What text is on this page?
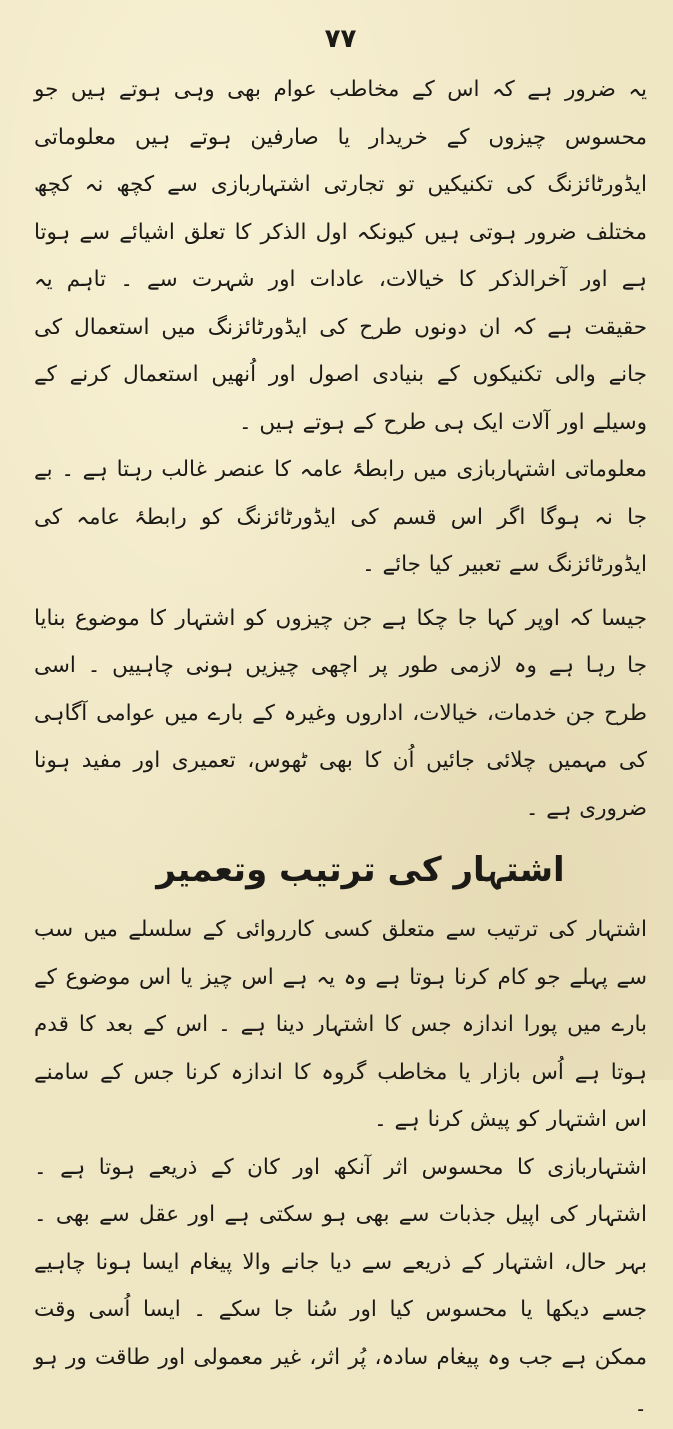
۷۷

یہ ضرور ہے کہ اس کے مخاطب عوام بھی وہی ہوتے ہیں جو محسوس چیزوں کے خریدار یا صارفین ہوتے ہیں معلوماتی ایڈورٹائزنگ کی تکنیکیں تو تجارتی اشتہاربازی سے کچھ نہ کچھ مختلف ضرور ہوتی ہیں کیونکہ اول الذکر کا تعلق اشیائے سے ہوتا ہے اور آخرالذکر کا خیالات، عادات اور شہرت سے ۔ تاہم یہ حقیقت ہے کہ ان دونوں طرح کی ایڈورٹائزنگ میں استعمال کی جانے والی تکنیکوں کے بنیادی اصول اور اُنھیں استعمال کرنے کے وسیلے اور آلات ایک ہی طرح کے ہوتے ہیں ۔

معلوماتی اشتہاربازی میں رابطۂ عامہ کا عنصر غالب رہتا ہے ۔ بے جا نہ ہوگا اگر اس قسم کی ایڈورٹائزنگ کو رابطۂ عامہ کی ایڈورٹائزنگ سے تعبیر کیا جائے ۔

جیسا کہ اوپر کہا جا چکا ہے جن چیزوں کو اشتہار کا موضوع بنایا جا رہا ہے وہ لازمی طور پر اچھی چیزیں ہونی چاہییں ۔ اسی طرح جن خدمات، خیالات، اداروں وغیرہ کے بارے میں عوامی آگاہی کی مہمیں چلائی جائیں اُن کا بھی ٹھوس، تعمیری اور مفید ہونا ضروری ہے ۔

اشتہار کی ترتیب وتعمیر

اشتہار کی ترتیب سے متعلق کسی کارروائی کے سلسلے میں سب سے پہلے جو کام کرنا ہوتا ہے وہ یہ ہے اس چیز یا اس موضوع کے بارے میں پورا اندازہ جس کا اشتہار دینا ہے ۔ اس کے بعد کا قدم ہوتا ہے اُس بازار یا مخاطب گروہ کا اندازہ کرنا جس کے سامنے اس اشتہار کو پیش کرنا ہے ۔

اشتہاربازی کا محسوس اثر آنکھ اور کان کے ذریعے ہوتا ہے ۔ اشتہار کی اپیل جذبات سے بھی ہو سکتی ہے اور عقل سے بھی ۔ بہر حال، اشتہار کے ذریعے سے دیا جانے والا پیغام ایسا ہونا چاہیے جسے دیکھا یا محسوس کیا اور سُنا جا سکے ۔ ایسا اُسی وقت ممکن ہے جب وہ پیغام سادہ، پُر اثر، غیر معمولی اور طاقت ور ہو ۔
